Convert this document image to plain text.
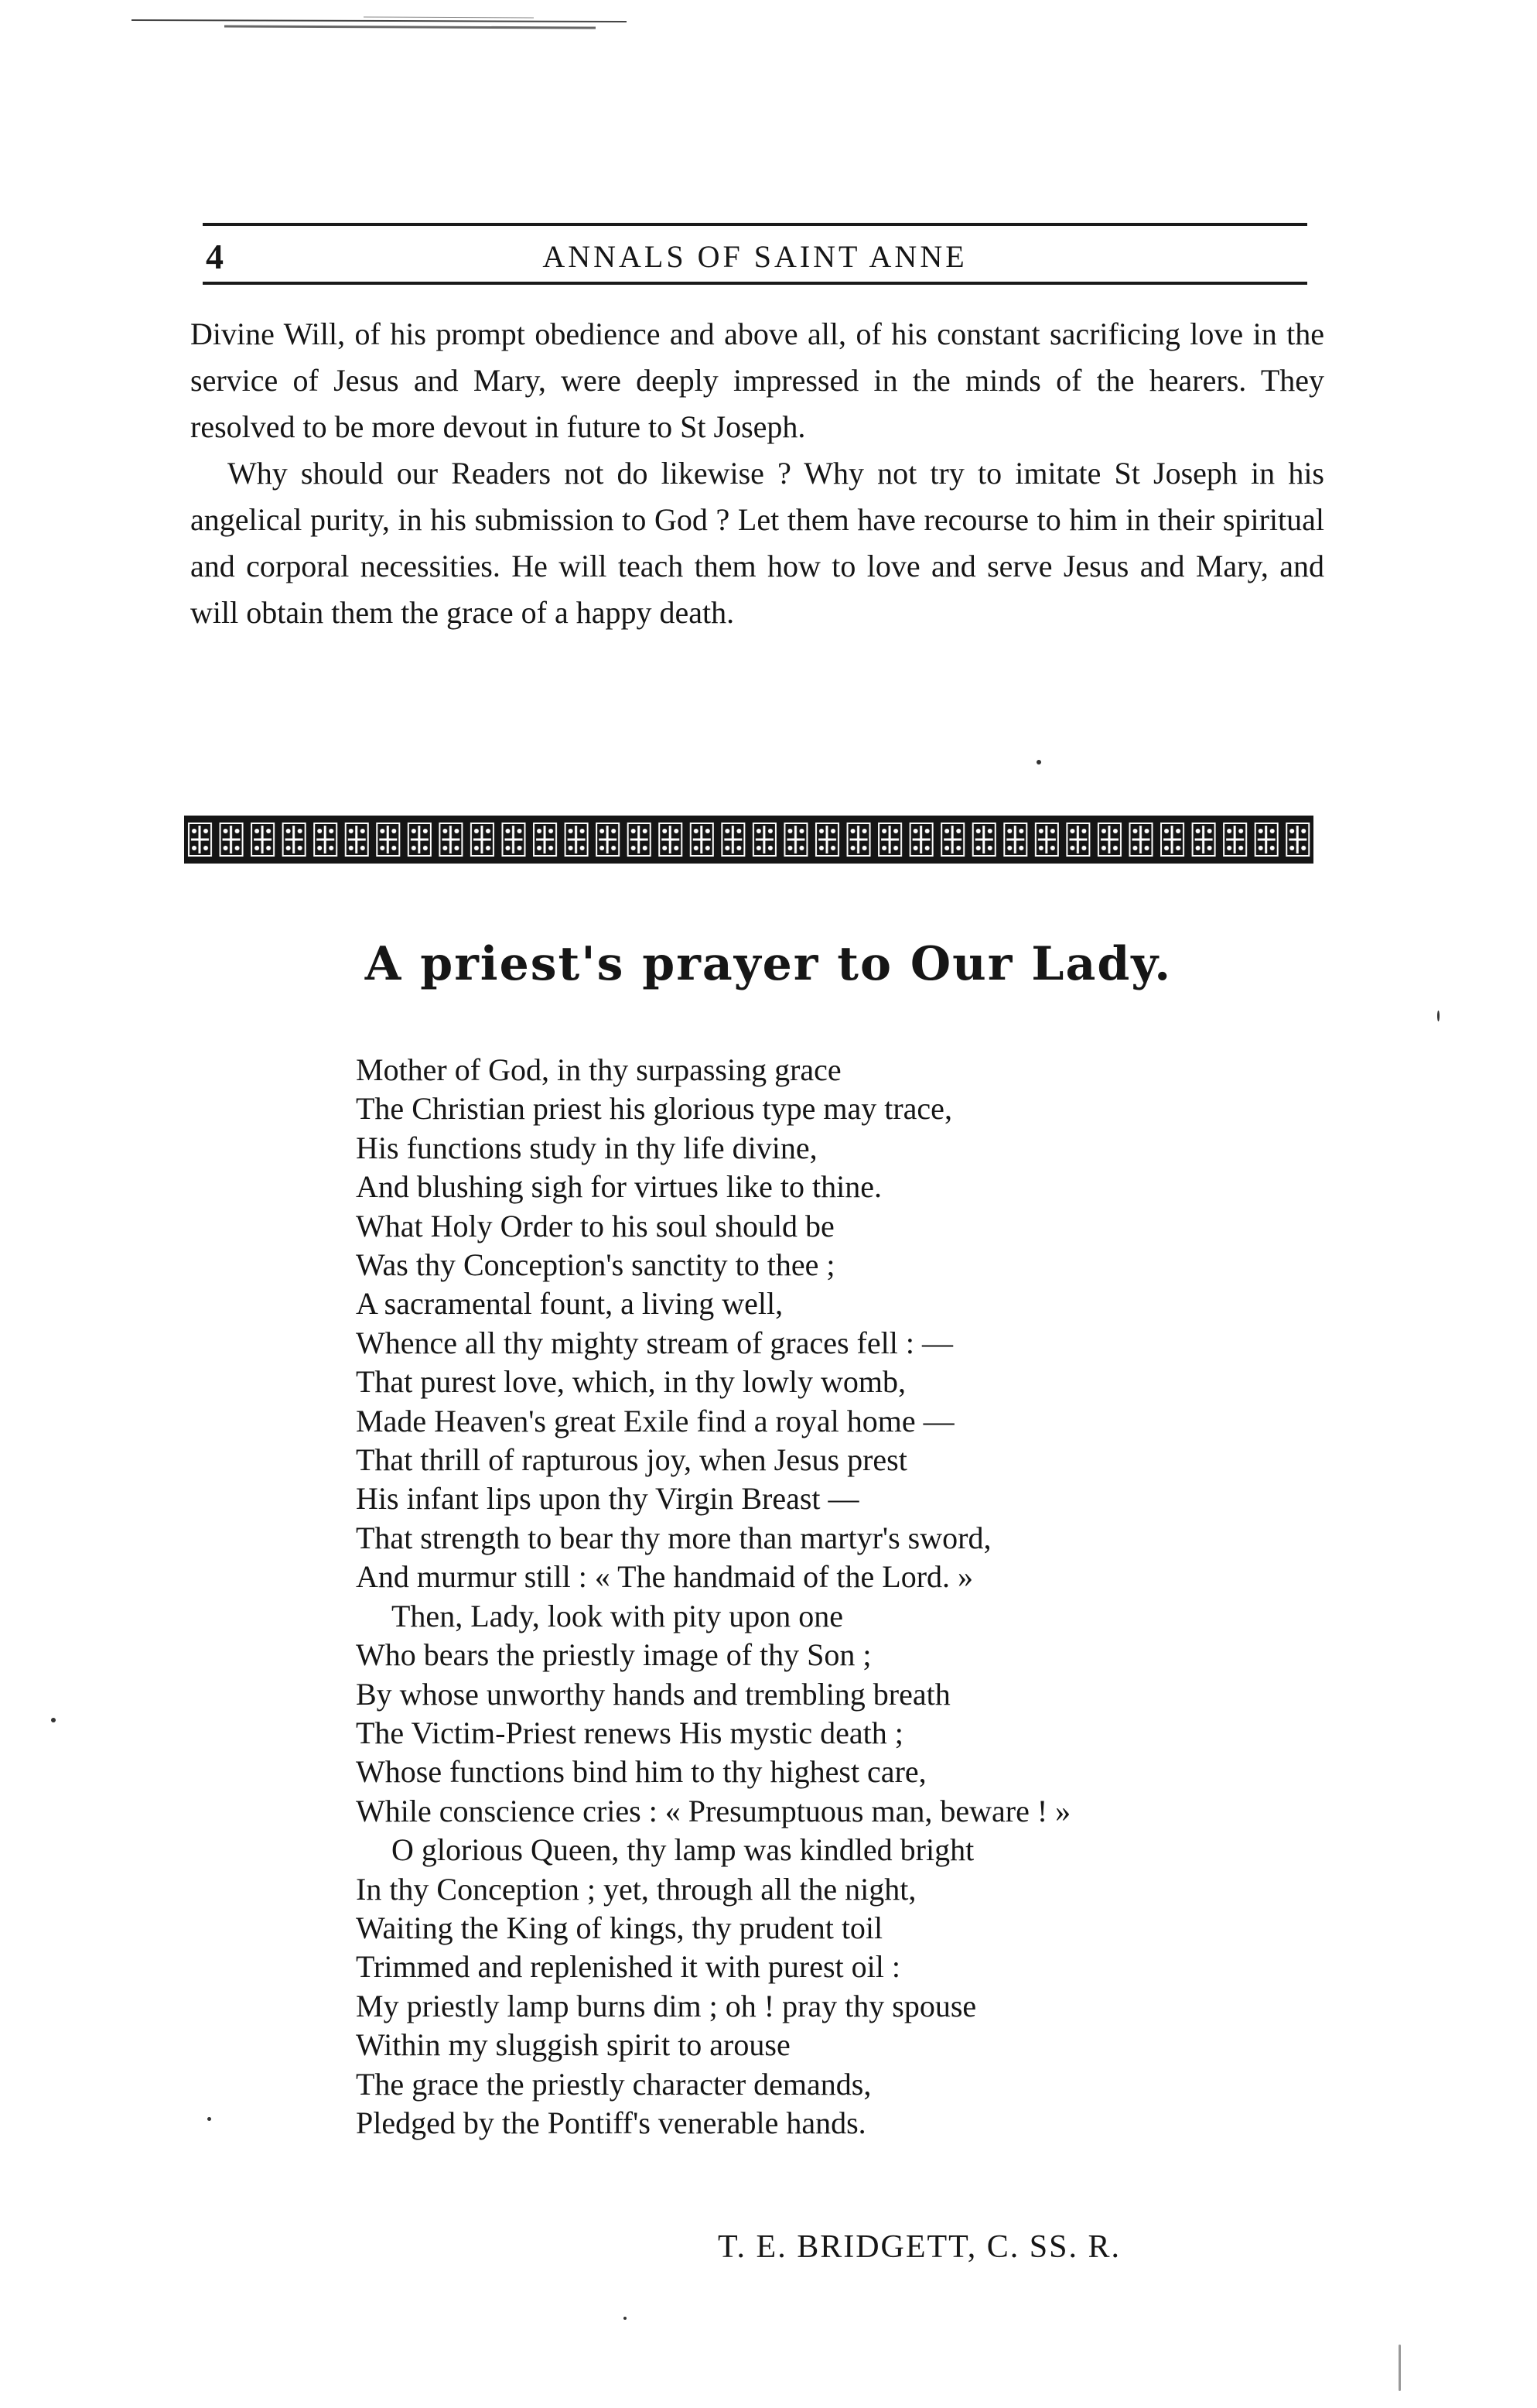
4	ANNALS OF SAINT ANNE

Divine Will, of his prompt obedience and above all, of his constant sacrificing love in the service of Jesus and Mary, were deeply impressed in the minds of the hearers. They resolved to be more devout in future to St Joseph.

Why should our Readers not do likewise ? Why not try to imitate St Joseph in his angelical purity, in his submission to God ? Let them have recourse to him in their spiritual and corporal necessities. He will teach them how to love and serve Jesus and Mary, and will obtain them the grace of a happy death.

A priest's prayer to Our Lady.
Mother of God, in thy surpassing grace
The Christian priest his glorious type may trace,
His functions study in thy life divine,
And blushing sigh for virtues like to thine.
What Holy Order to his soul should be
Was thy Conception's sanctity to thee ;
A sacramental fount, a living well,
Whence all thy mighty stream of graces fell : —
That purest love, which, in thy lowly womb,
Made Heaven's great Exile find a royal home —
That thrill of rapturous joy, when Jesus prest
His infant lips upon thy Virgin Breast —
That strength to bear thy more than martyr's sword,
And murmur still : « The handmaid of the Lord. »
Then, Lady, look with pity upon one
Who bears the priestly image of thy Son ;
By whose unworthy hands and trembling breath
The Victim-Priest renews His mystic death ;
Whose functions bind him to thy highest care,
While conscience cries : « Presumptuous man, beware ! »
O glorious Queen, thy lamp was kindled bright
In thy Conception ; yet, through all the night,
Waiting the King of kings, thy prudent toil
Trimmed and replenished it with purest oil :
My priestly lamp burns dim ; oh ! pray thy spouse
Within my sluggish spirit to arouse
The grace the priestly character demands,
Pledged by the Pontiff's venerable hands.
T. E. BRIDGETT, C. SS. R.
